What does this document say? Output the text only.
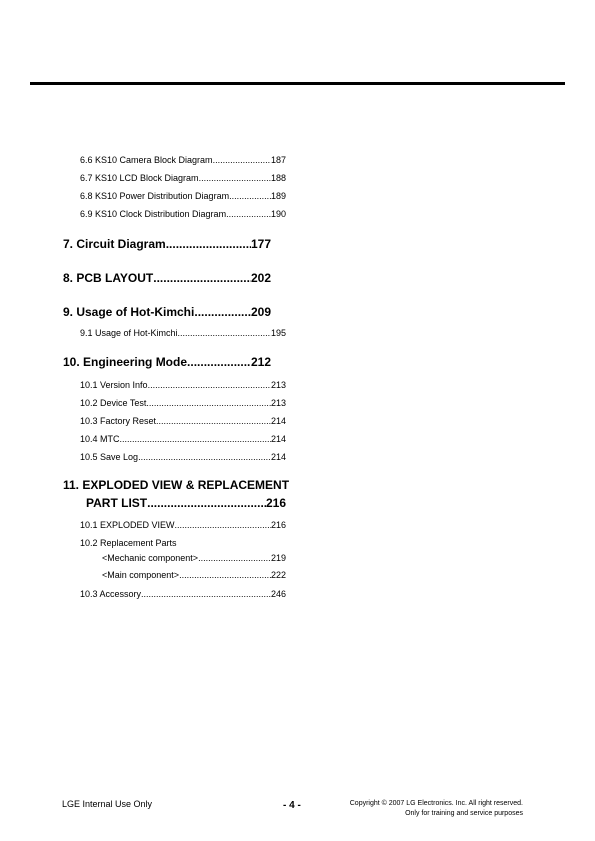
6.6 KS10 Camera Block Diagram .....	187
6.7 KS10 LCD Block Diagram .....	188
6.8 KS10 Power Distribution Diagram .....	189
6.9 KS10 Clock Distribution Diagram .....	190
7. Circuit Diagram .....	177
8. PCB LAYOUT .....	202
9. Usage of Hot-Kimchi .....	209
9.1 Usage of Hot-Kimchi .....	195
10. Engineering Mode .....	212
10.1 Version Info .....	213
10.2 Device Test .....	213
10.3 Factory Reset .....	214
10.4 MTC .....	214
10.5 Save Log .....	214
11. EXPLODED VIEW & REPLACEMENT
PART LIST .....	216
10.1 EXPLODED VIEW .....	216
10.2 Replacement Parts
<Mechanic component> .....	219
<Main component> .....	222
10.3 Accessory .....	246
LGE Internal Use Only	- 4 -	Copyright © 2007 LG Electronics. Inc. All right reserved.
Only for training and service purposes
